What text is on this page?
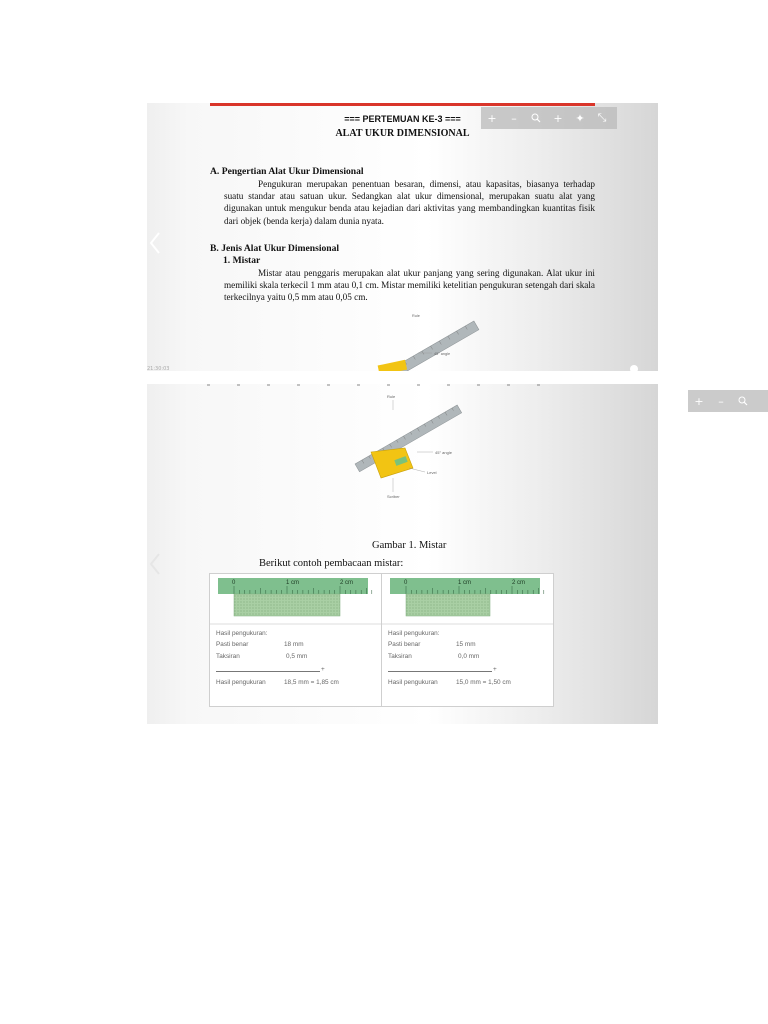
=== PERTEMUAN KE-3 ===
ALAT UKUR DIMENSIONAL
A. Pengertian Alat Ukur Dimensional
Pengukuran merupakan penentuan besaran, dimensi, atau kapasitas, biasanya terhadap suatu standar atau satuan ukur. Sedangkan alat ukur dimensional, merupakan suatu alat yang digunakan untuk mengukur benda atau kejadian dari aktivitas yang membandingkan kuantitas fisik dari objek (benda kerja) dalam dunia nyata.
B. Jenis Alat Ukur Dimensional
1. Mistar
Mistar atau penggaris merupakan alat ukur panjang yang sering digunakan. Alat ukur ini memiliki skala terkecil 1 mm atau 0,1 cm. Mistar memiliki ketelitian pengukuran setengah dari skala terkecilnya yaitu 0,5 mm atau 0,05 cm.
45° angle
Rule
+	–	+	✦	⤡
21:30:03
Rule
45° angle
Level
Scriber
Gambar 1. Mistar
Berikut contoh pembacaan mistar:
0	1 cm	2 cm
Hasil pengukuran:
Pasti benar	18 mm
Taksiran	0,5 mm
+
Hasil pengukuran	18,5 mm = 1,85 cm
0	1 cm	2 cm
Hasil pengukuran:
Pasti benar	15 mm
Taksiran	0,0 mm
+
Hasil pengukuran	15,0 mm = 1,50 cm
+	–
